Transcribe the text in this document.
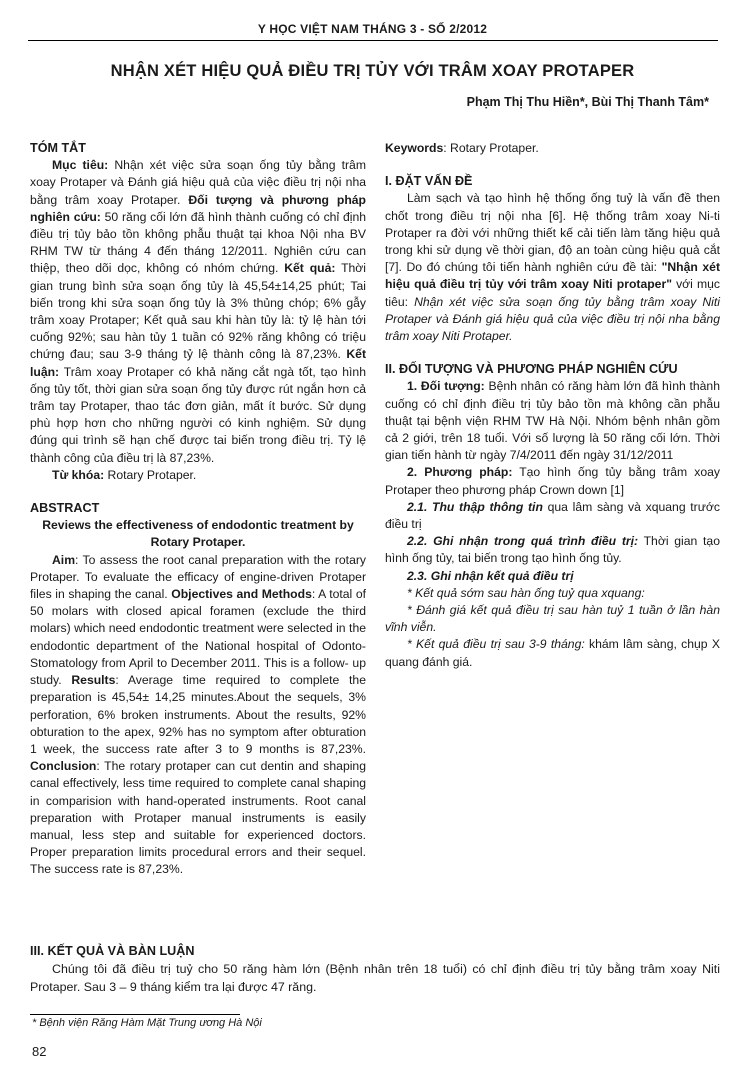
Y HỌC VIỆT NAM THÁNG 3 - SỐ 2/2012
NHẬN XÉT HIỆU QUẢ ĐIỀU TRỊ TỦY VỚI TRÂM XOAY PROTAPER
Phạm Thị Thu Hiền*, Bùi Thị Thanh Tâm*

TÓM TẮT

Mục tiêu: Nhận xét việc sửa soạn ống tủy bằng trâm xoay Protaper và Đánh giá hiệu quả của việc điều trị nội nha bằng trâm xoay Protaper. Đối tượng và phương pháp nghiên cứu: 50 răng cối lớn đã hình thành cuống có chỉ định điều trị tủy bảo tồn không phẫu thuật tại khoa Nội nha BV RHM TW từ tháng 4 đến tháng 12/2011. Nghiên cứu can thiệp, theo dõi dọc, không có nhóm chứng. Kết quả: Thời gian trung bình sửa soạn ống tủy là 45,54±14,25 phút; Tai biến trong khi sửa soạn ống tủy là 3% thủng chóp; 6% gẫy trâm xoay Protaper; Kết quả sau khi hàn tủy là: tỷ lệ hàn tới cuống 92%; sau hàn tủy 1 tuần có 92% răng không có triệu chứng đau; sau 3-9 tháng tỷ lệ thành công là 87,23%. Kết luận: Trâm xoay Protaper có khả năng cắt ngà tốt, tạo hình ống tủy tốt, thời gian sửa soạn ống tủy được rút ngắn hơn cả trâm tay Protaper, thao tác đơn giản, mất ít bước. Sử dụng phù hợp hơn cho những người có kinh nghiệm. Sử dụng đúng qui trình sẽ hạn chế được tai biến trong điều trị. Tỷ lệ thành công của điều trị là 87,23%.

Từ khóa: Rotary Protaper.

ABSTRACT

Reviews the effectiveness of endodontic treatment by Rotary Protaper.

Aim: To assess the root canal preparation with the rotary Protaper. To evaluate the efficacy of engine-driven Protaper files in shaping the canal. Objectives and Methods: A total of 50 molars with closed apical foramen (exclude the third molars) which need endodontic treatment were selected in the endodontic department of the National hospital of Odonto-Stomatology from April to December 2011. This is a follow- up study. Results: Average time required to complete the preparation is 45,54± 14,25 minutes.About the sequels, 3% perforation, 6% broken instruments. About the results, 92% obturation to the apex, 92% has no symptom after obturation 1 week, the success rate after 3 to 9 months is 87,23%. Conclusion: The rotary protaper can cut dentin and shaping canal effectively, less time required to complete canal shaping in comparision with hand-operated instruments. Root canal preparation with Protaper manual instruments is easily manual, less step and suitable for experienced doctors. Proper preparation limits procedural errors and their sequel. The success rate is 87,23%.

Keywords: Rotary Protaper.

I. ĐẶT VẤN ĐỀ

Làm sạch và tạo hình hệ thống ống tuỷ là vấn đề then chốt trong điều trị nội nha [6]. Hệ thống trâm xoay Ni-ti Protaper ra đời với những thiết kế cải tiến làm tăng hiệu quả trong khi sử dụng về thời gian, độ an toàn cùng hiệu quả cắt [7]. Do đó chúng tôi tiến hành nghiên cứu đề tài: "Nhận xét hiệu quả điều trị tủy với trâm xoay Niti protaper" với mục tiêu: Nhận xét việc sửa soạn ống tủy bằng trâm xoay Niti Protaper và Đánh giá hiệu quả của việc điều trị nội nha bằng trâm xoay Niti Protaper.

II. ĐỐI TƯỢNG VÀ PHƯƠNG PHÁP NGHIÊN CỨU

1. Đối tượng: Bệnh nhân có răng hàm lớn đã hình thành cuống có chỉ định điều trị tủy bảo tồn mà không cần phẫu thuật tại bệnh viện RHM TW Hà Nội. Nhóm bệnh nhân gồm cả 2 giới, trên 18 tuổi. Với số lượng là 50 răng cối lớn. Thời gian tiến hành từ ngày 7/4/2011 đến ngày 31/12/2011

2. Phương pháp: Tạo hình ống tủy bằng trâm xoay Protaper theo phương pháp Crown down [1]

2.1. Thu thập thông tin qua lâm sàng và xquang trước điều trị

2.2. Ghi nhận trong quá trình điều trị: Thời gian tạo hình ống tủy, tai biến trong tạo hình ống tủy.

2.3. Ghi nhận kết quả điều trị

* Kết quả sớm sau hàn ống tuỷ qua xquang:

* Đánh giá kết quả điều trị sau hàn tuỷ 1 tuần ở lần hàn vĩnh viễn.

* Kết quả điều trị sau 3-9 tháng: khám lâm sàng, chụp X quang đánh giá.

III. KẾT QUẢ VÀ BÀN LUẬN

Chúng tôi đã điều trị tuỷ cho 50 răng hàm lớn (Bệnh nhân trên 18 tuổi) có chỉ định điều trị tủy bằng trâm xoay Niti Protaper. Sau 3 – 9 tháng kiểm tra lại được 47 răng.

* Bệnh viện Răng Hàm Mặt Trung ương Hà Nội
82
